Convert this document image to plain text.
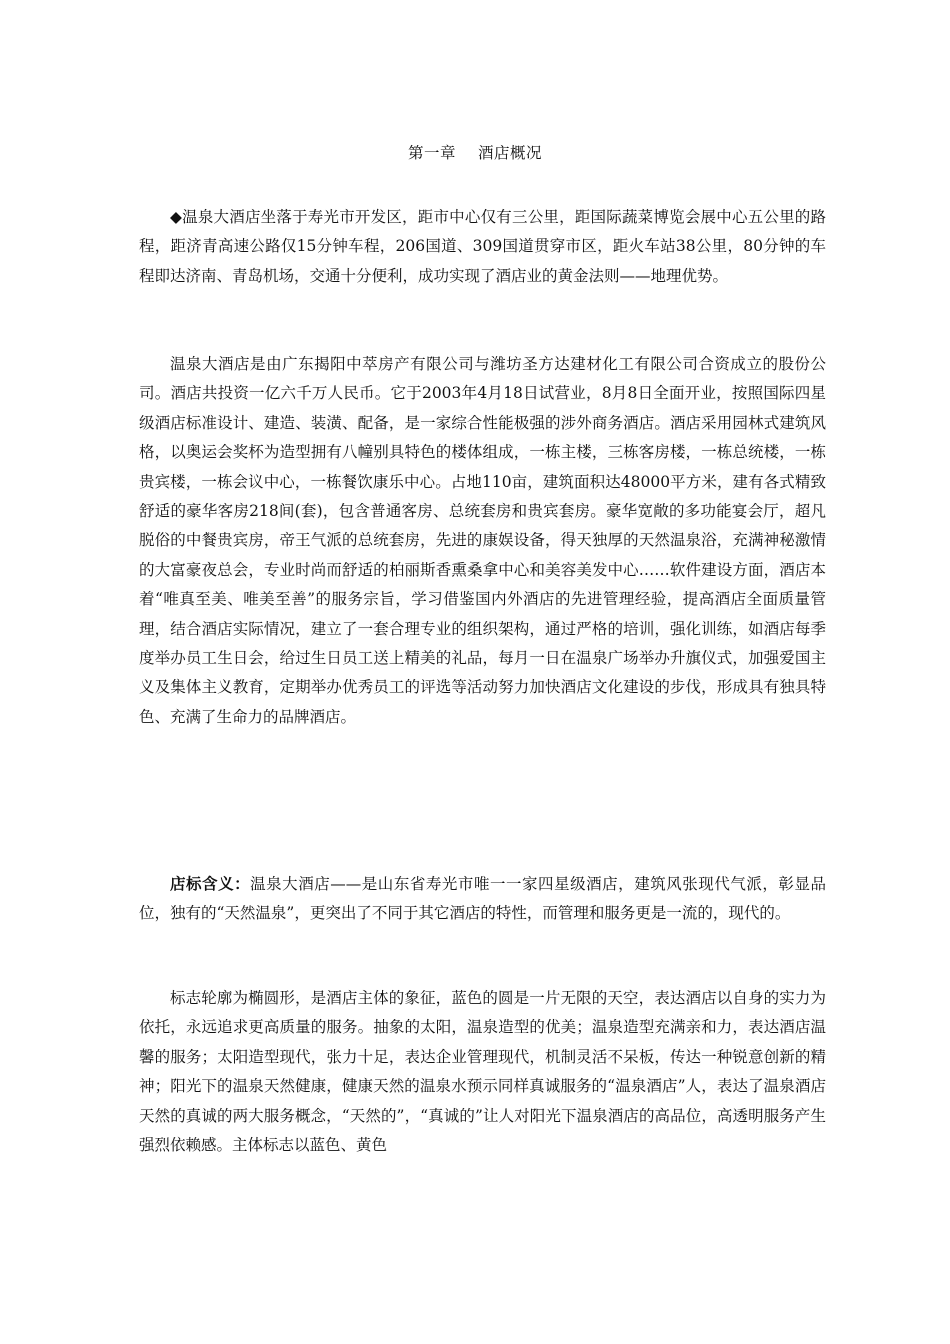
第一章 酒店概况

◆温泉大酒店坐落于寿光市开发区，距市中心仅有三公里，距国际蔬菜博览会展中心五公里的路程，距济青高速公路仅15分钟车程，206国道、309国道贯穿市区，距火车站38公里，80分钟的车程即达济南、青岛机场，交通十分便利，成功实现了酒店业的黄金法则——地理优势。

温泉大酒店是由广东揭阳中萃房产有限公司与潍坊圣方达建材化工有限公司合资成立的股份公司。酒店共投资一亿六千万人民币。它于2003年4月18日试营业，8月8日全面开业，按照国际四星级酒店标准设计、建造、装潢、配备，是一家综合性能极强的涉外商务酒店。酒店采用园林式建筑风格，以奥运会奖杯为造型拥有八幢别具特色的楼体组成，一栋主楼，三栋客房楼，一栋总统楼，一栋贵宾楼，一栋会议中心，一栋餐饮康乐中心。占地110亩，建筑面积达48000平方米，建有各式精致舒适的豪华客房218间(套)，包含普通客房、总统套房和贵宾套房。豪华宽敞的多功能宴会厅，超凡脱俗的中餐贵宾房，帝王气派的总统套房，先进的康娱设备，得天独厚的天然温泉浴，充满神秘激情的大富豪夜总会，专业时尚而舒适的柏丽斯香熏桑拿中心和美容美发中心……软件建设方面，酒店本着“唯真至美、唯美至善”的服务宗旨，学习借鉴国内外酒店的先进管理经验，提高酒店全面质量管理，结合酒店实际情况，建立了一套合理专业的组织架构，通过严格的培训，强化训练，如酒店每季度举办员工生日会，给过生日员工送上精美的礼品，每月一日在温泉广场举办升旗仪式，加强爱国主义及集体主义教育，定期举办优秀员工的评选等活动努力加快酒店文化建设的步伐，形成具有独具特色、充满了生命力的品牌酒店。

店标含义：温泉大酒店——是山东省寿光市唯一一家四星级酒店，建筑风张现代气派，彰显品位，独有的“天然温泉”，更突出了不同于其它酒店的特性，而管理和服务更是一流的，现代的。

标志轮廓为椭圆形，是酒店主体的象征，蓝色的圆是一片无限的天空，表达酒店以自身的实力为依托，永远追求更高质量的服务。抽象的太阳，温泉造型的优美；温泉造型充满亲和力，表达酒店温馨的服务；太阳造型现代，张力十足，表达企业管理现代，机制灵活不呆板，传达一种锐意创新的精神；阳光下的温泉天然健康，健康天然的温泉水预示同样真诚服务的“温泉酒店”人，表达了温泉酒店天然的真诚的两大服务概念，“天然的”，“真诚的”让人对阳光下温泉酒店的高品位，高透明服务产生强烈依赖感。主体标志以蓝色、黄色
